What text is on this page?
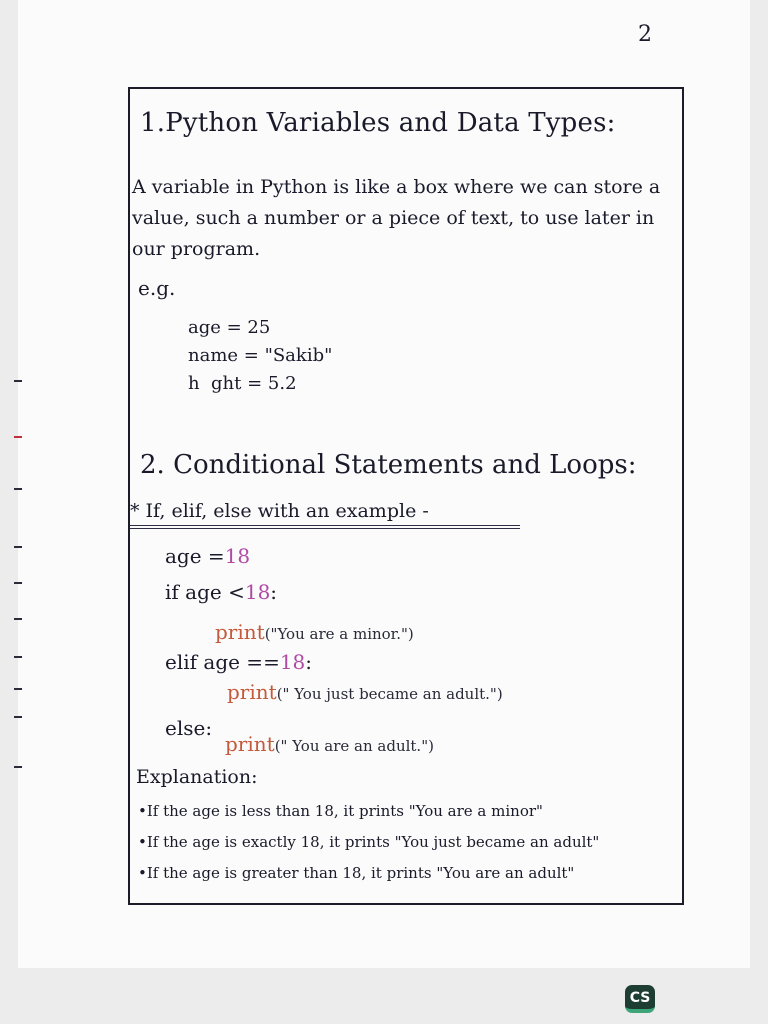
2
1.Python Variables and Data Types:
A variable in Python is like a box where we can store a value, such a number or a piece of text, to use later in our program.
e.g.
age = 25
name = "Sakib"
h  ght = 5.2
2. Conditional Statements and Loops:
* If, elif, else with an example -

age =18

if age <18:

print("You are a minor.")

elif age ==18:

print(" You just became an adult.")

else:

print(" You are an adult.")

Explanation:
•If the age is less than 18, it prints "You are a minor"
•If the age is exactly 18, it prints "You just became an adult"
•If the age is greater than 18, it prints "You are an adult"
CS
